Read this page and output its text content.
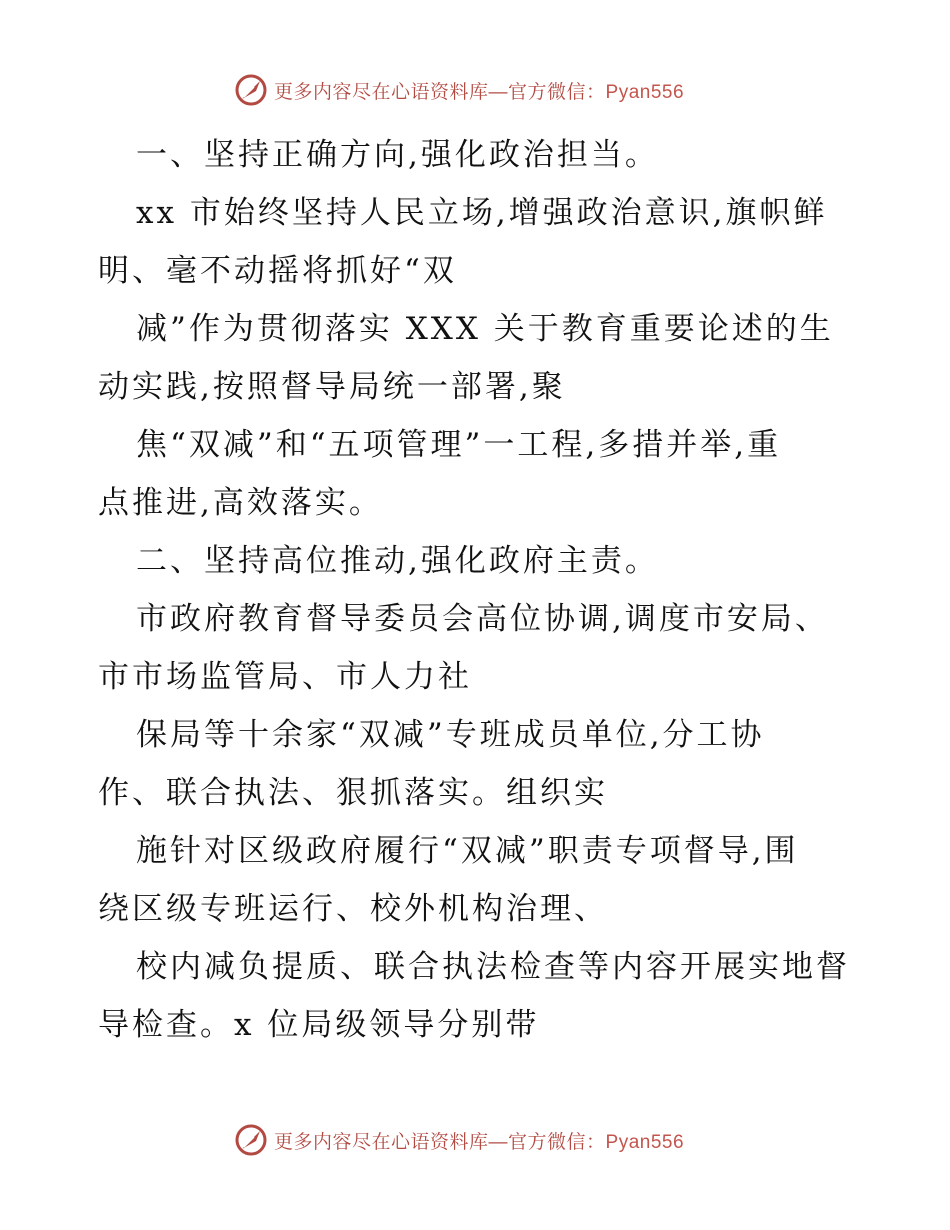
更多内容尽在心语资料库—官方微信：Pyan556
一、坚持正确方向,强化政治担当。
xx 市始终坚持人民立场,增强政治意识,旗帜鲜
明、毫不动摇将抓好“双
减”作为贯彻落实 XXX 关于教育重要论述的生
动实践,按照督导局统一部署,聚
焦“双减”和“五项管理”一工程,多措并举,重
点推进,高效落实。
二、坚持高位推动,强化政府主责。
市政府教育督导委员会高位协调,调度市安局、
市市场监管局、市人力社
保局等十余家“双减”专班成员单位,分工协
作、联合执法、狠抓落实。组织实
施针对区级政府履行“双减”职责专项督导,围
绕区级专班运行、校外机构治理、
校内减负提质、联合执法检查等内容开展实地督
导检查。x 位局级领导分别带
更多内容尽在心语资料库—官方微信：Pyan556
